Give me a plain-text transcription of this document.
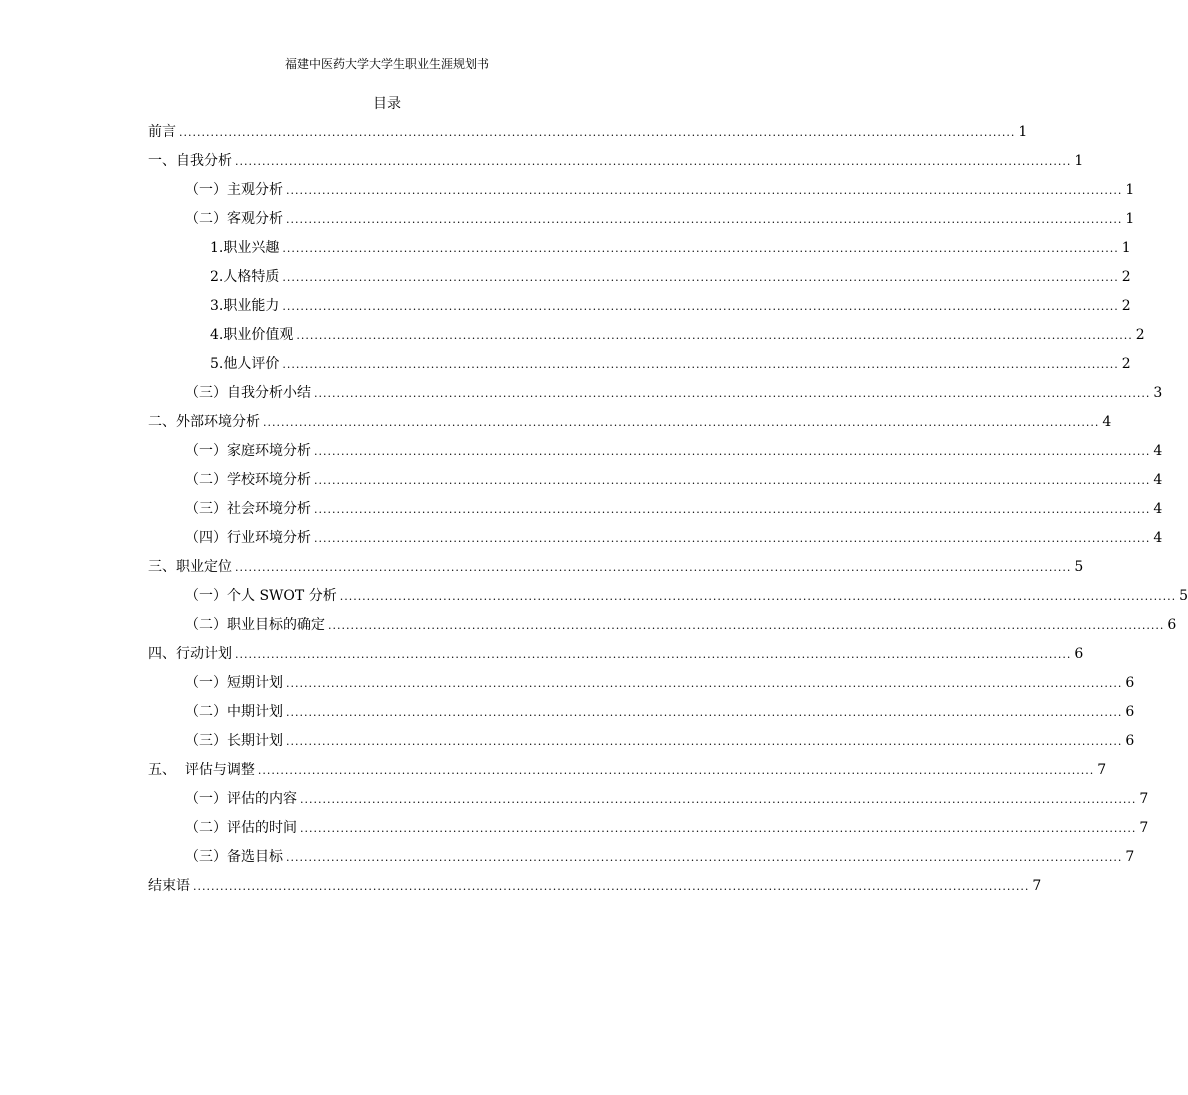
福建中医药大学大学生职业生涯规划书
目录
前言 .......................................................................................................................................................................................... 1
一、自我分析 .......................................................................................................................................................................................... 1
（一）主观分析 .......................................................................................................................................................................................... 1
（二）客观分析 .......................................................................................................................................................................................... 1
1.职业兴趣 .......................................................................................................................................................................................... 1
2.人格特质 .......................................................................................................................................................................................... 2
3.职业能力 .......................................................................................................................................................................................... 2
4.职业价值观 .......................................................................................................................................................................................... 2
5.他人评价 .......................................................................................................................................................................................... 2
（三）自我分析小结 .......................................................................................................................................................................................... 3
二、外部环境分析 .......................................................................................................................................................................................... 4
（一）家庭环境分析 .......................................................................................................................................................................................... 4
（二）学校环境分析 .......................................................................................................................................................................................... 4
（三）社会环境分析 .......................................................................................................................................................................................... 4
（四）行业环境分析 .......................................................................................................................................................................................... 4
三、职业定位 .......................................................................................................................................................................................... 5
（一）个人 SWOT 分析 .......................................................................................................................................................................................... 5
（二）职业目标的确定 .......................................................................................................................................................................................... 6
四、行动计划 .......................................................................................................................................................................................... 6
（一）短期计划 .......................................................................................................................................................................................... 6
（二）中期计划 .......................................................................................................................................................................................... 6
（三）长期计划 .......................................................................................................................................................................................... 6
五、  评估与调整 .......................................................................................................................................................................................... 7
（一）评估的内容 .......................................................................................................................................................................................... 7
（二）评估的时间 .......................................................................................................................................................................................... 7
（三）备选目标 .......................................................................................................................................................................................... 7
结束语 .......................................................................................................................................................................................... 7
